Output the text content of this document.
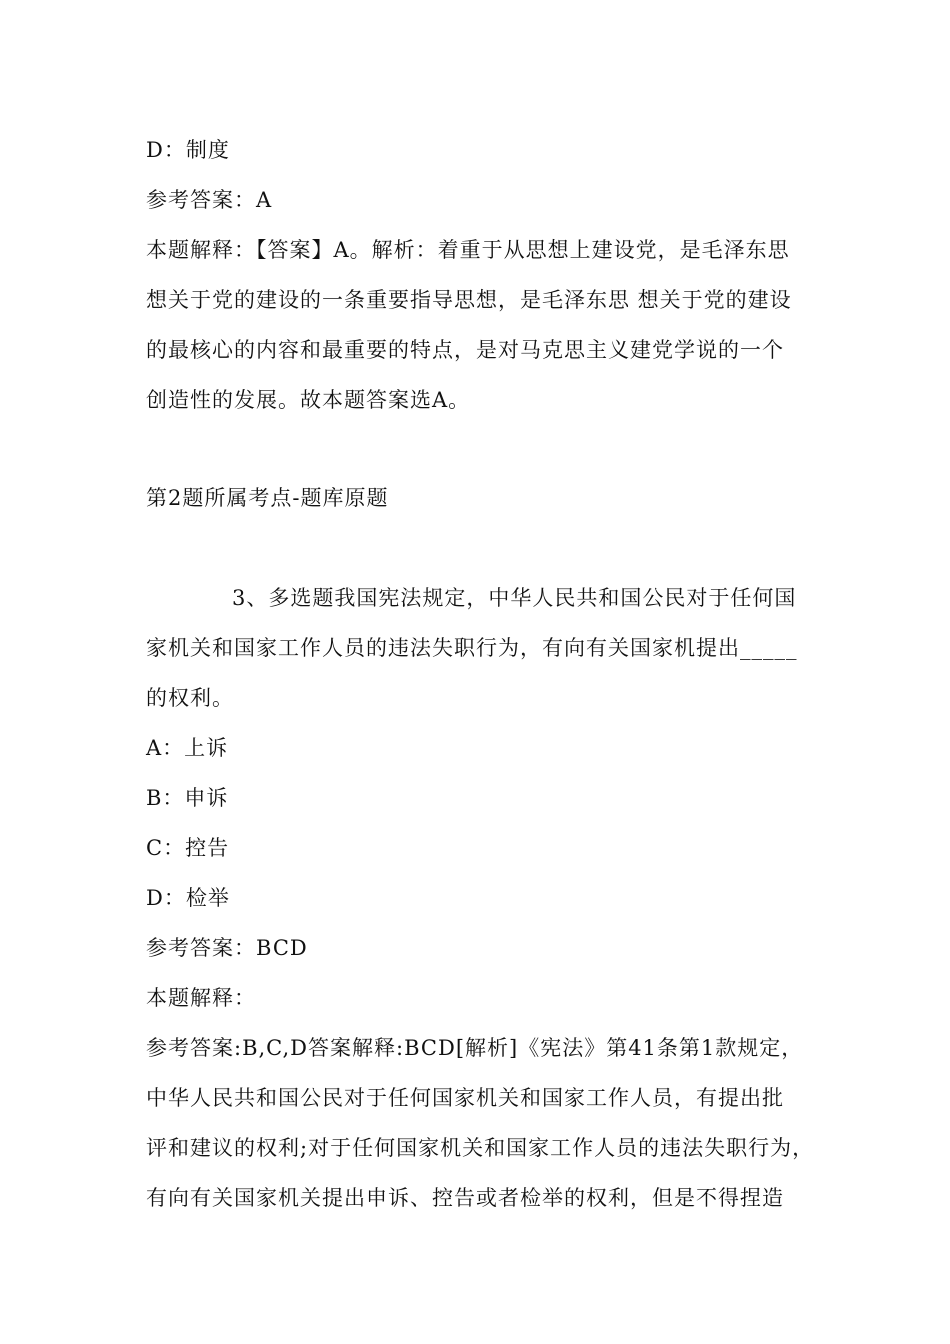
D：制度
参考答案：A
本题解释：【答案】A。解析：着重于从思想上建设党，是毛泽东思
想关于党的建设的一条重要指导思想，是毛泽东思 想关于党的建设
的最核心的内容和最重要的特点，是对马克思主义建党学说的一个
创造性的发展。故本题答案选A。
第2题所属考点-题库原题
3、多选题我国宪法规定，中华人民共和国公民对于任何国
家机关和国家工作人员的违法失职行为，有向有关国家机提出_____
的权利。
A：上诉
B：申诉
C：控告
D：检举
参考答案：BCD
本题解释：
参考答案:B,C,D答案解释:BCD[解析]《宪法》第41条第1款规定，
中华人民共和国公民对于任何国家机关和国家工作人员，有提出批
评和建议的权利;对于任何国家机关和国家工作人员的违法失职行为，
有向有关国家机关提出申诉、控告或者检举的权利，但是不得捏造
